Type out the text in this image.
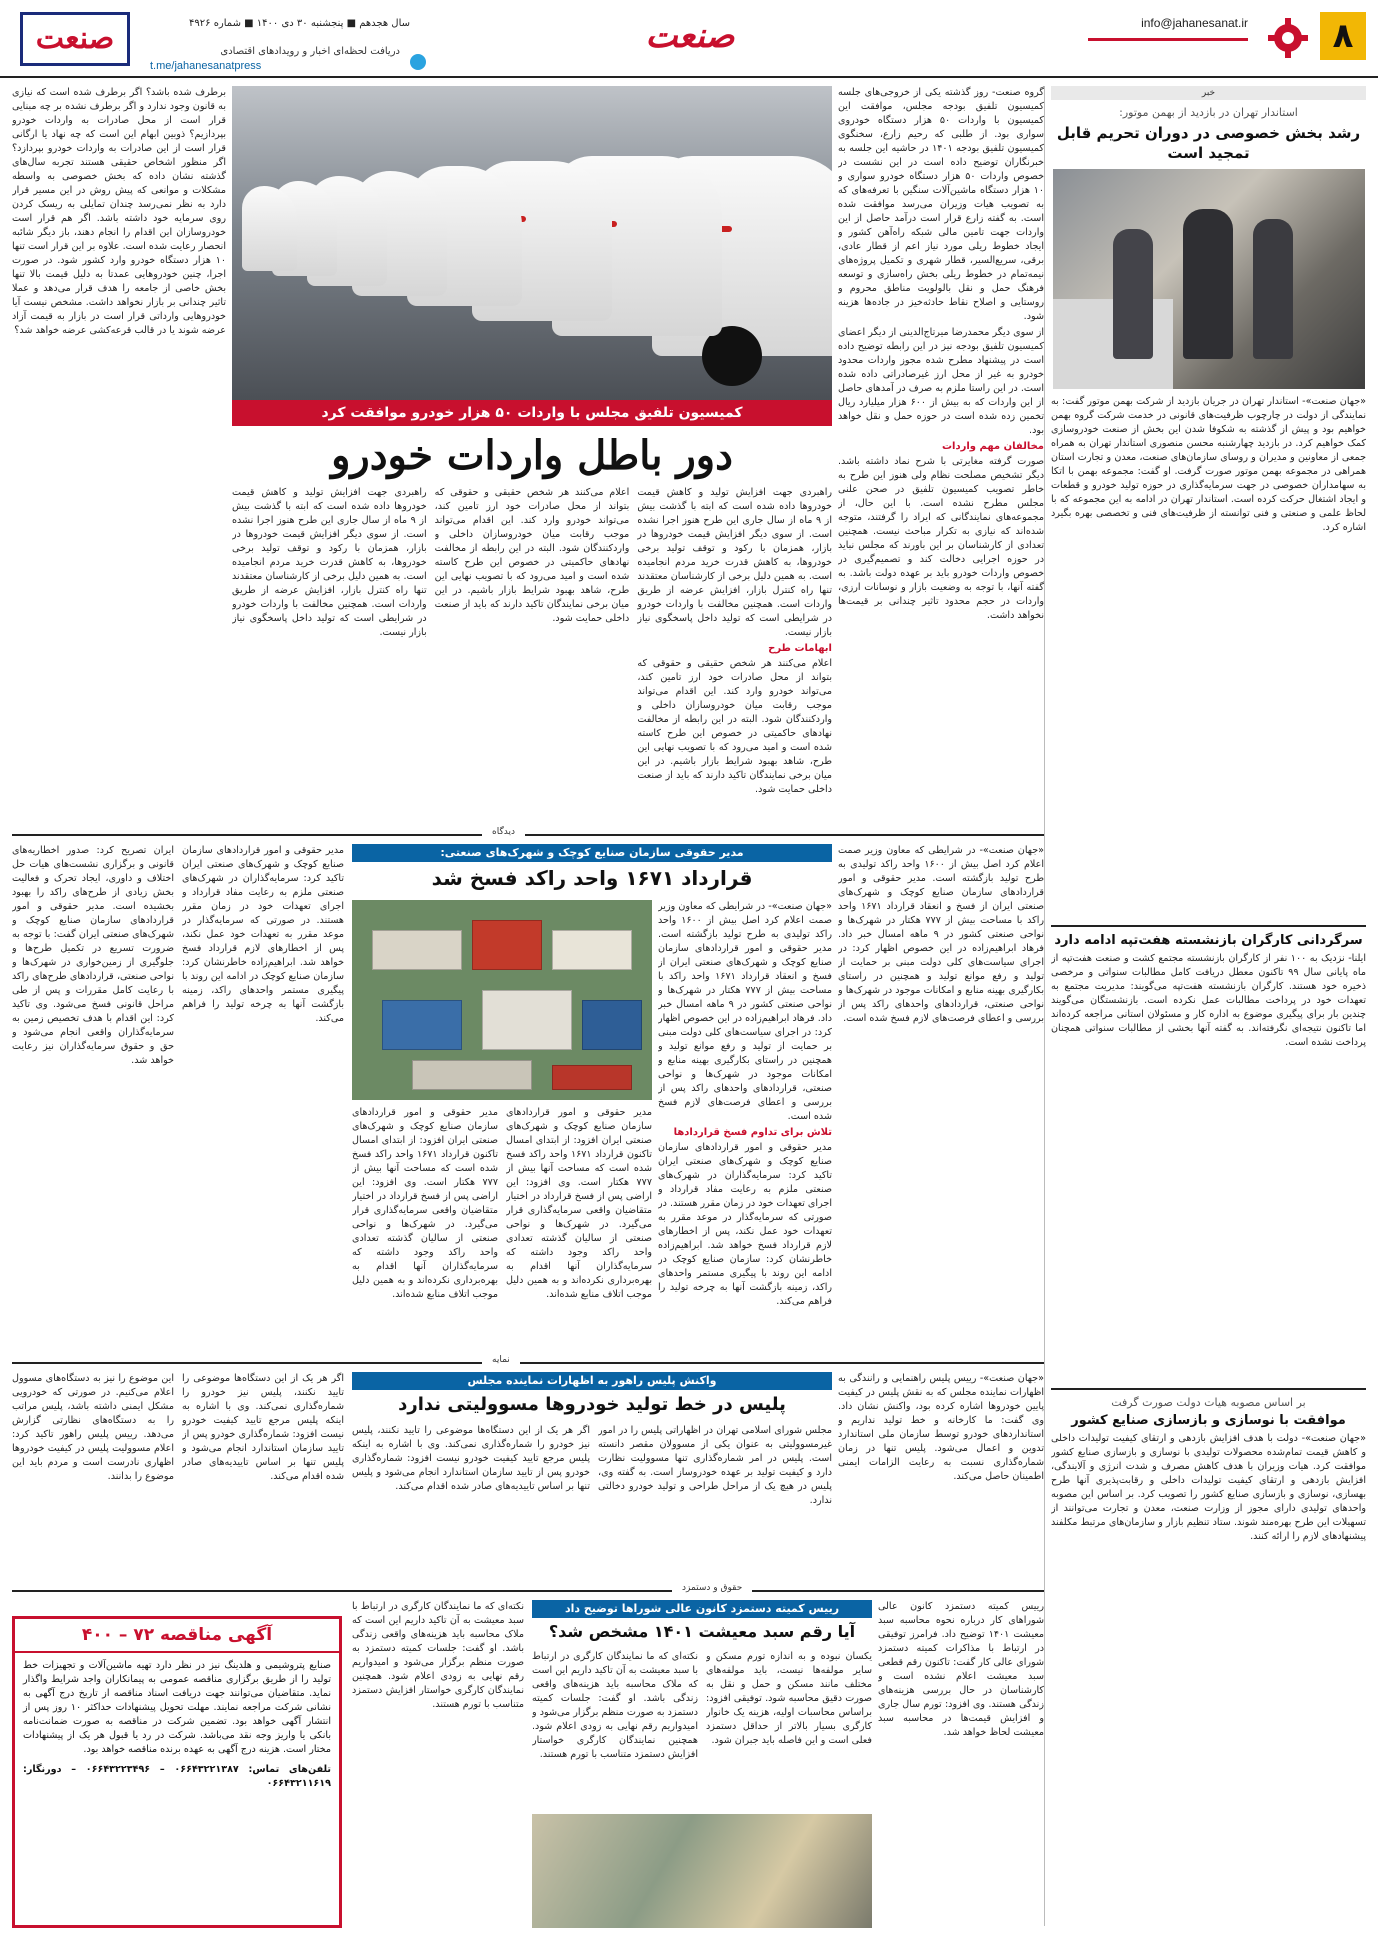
۸
info@jahanesanat.ir
صنعت
سال هجدهم ■ پنجشنبه ۳۰ دی ۱۴۰۰ ■ شماره ۴۹۲۶
دریافت لحظه‌ای اخبار و رویدادهای اقتصادی
t.me/jahanesanatpress
صنعت
خبر
استاندار تهران در بازدید از بهمن موتور:
رشد بخش خصوصی در دوران تحریم قابل تمجید است
«جهان صنعت»- استاندار تهران در جریان بازدید از شرکت بهمن موتور گفت: به نمایندگی از دولت در چارچوب ظرفیت‌های قانونی در خدمت شرکت گروه بهمن خواهیم بود و پیش از گذشته به شکوفا شدن این بخش از صنعت خودروسازی کمک خواهیم کرد. در بازدید چهارشنبه محسن منصوری استاندار تهران به همراه جمعی از معاونین و مدیران و روسای سازمان‌های صنعت، معدن و تجارت استان همراهی در مجموعه بهمن موتور صورت گرفت. او گفت: مجموعه بهمن با اتکا به سهامداران خصوصی در جهت سرمایه‌گذاری در حوزه تولید خودرو و قطعات و ایجاد اشتغال حرکت کرده است. استاندار تهران در ادامه به این مجموعه که با لحاظ علمی و صنعتی و فنی توانسته از ظرفیت‌های فنی و تخصصی بهره بگیرد اشاره کرد.
سرگردانی کارگران بازنشسته هفت‌تپه ادامه دارد
ایلنا- نزدیک به ۱۰۰ نفر از کارگران بازنشسته مجتمع کشت و صنعت هفت‌تپه از ماه پایانی سال ۹۹ تاکنون معطل دریافت کامل مطالبات سنواتی و مرخصی ذخیره خود هستند. کارگران بازنشسته هفت‌تپه می‌گویند: مدیریت مجتمع به تعهدات خود در پرداخت مطالبات عمل نکرده است. بازنشستگان می‌گویند چندین بار برای پیگیری موضوع به اداره کار و مسئولان استانی مراجعه کرده‌اند اما تاکنون نتیجه‌ای نگرفته‌اند. به گفته آنها بخشی از مطالبات سنواتی همچنان پرداخت نشده است.
بر اساس مصوبه هیات دولت صورت گرفت
موافقت با نوسازی و بازسازی صنایع کشور
«جهان صنعت»- دولت با هدف افزایش بازدهی و ارتقای کیفیت تولیدات داخلی و کاهش قیمت تمام‌شده محصولات تولیدی با نوسازی و بازسازی صنایع کشور موافقت کرد. هیات وزیران با هدف کاهش مصرف و شدت انرژی و آلایندگی، افزایش بازدهی و ارتقای کیفیت تولیدات داخلی و رقابت‌پذیری آنها طرح بهسازی، نوسازی و بازسازی صنایع کشور را تصویب کرد. بر اساس این مصوبه واحدهای تولیدی دارای مجوز از وزارت صنعت، معدن و تجارت می‌توانند از تسهیلات این طرح بهره‌مند شوند. ستاد تنظیم بازار و سازمان‌های مرتبط مکلفند پیشنهادهای لازم را ارائه کنند.

گروه صنعت- روز گذشته یکی از خروجی‌های جلسه کمیسیون تلفیق بودجه مجلس، موافقت این کمیسیون با واردات ۵۰ هزار دستگاه خودروی سواری بود. از طلبی که رحیم زارع، سخنگوی کمیسیون تلفیق بودجه ۱۴۰۱ در حاشیه این جلسه به خبرنگاران توضیح داده است در این نشست در خصوص واردات ۵۰ هزار دستگاه خودرو سواری و ۱۰ هزار دستگاه ماشین‌آلات سنگین با تعرفه‌های که به تصویب هیات وزیران می‌رسد موافقت شده است. به گفته زارع قرار است درآمد حاصل از این واردات جهت تامین مالی شبکه راه‌آهن کشور و ایجاد خطوط ریلی مورد نیاز اعم از قطار عادی، برقی، سریع‌السیر، قطار شهری و تکمیل پروژه‌های نیمه‌تمام در خطوط ریلی بخش راه‌سازی و توسعه فرهنگ حمل و نقل بالولویت مناطق محروم و روستایی و اصلاح نقاط حادثه‌خیز در جاده‌ها هزینه شود.

از سوی دیگر محمدرضا میرتاج‌الدینی از دیگر اعضای کمیسیون تلفیق بودجه نیز در این رابطه توضیح داده است در پیشنهاد مطرح شده مجوز واردات محدود خودرو به غیر از محل ارز غیرصادراتی داده شده است. در این راستا ملزم به صرف در آمدهای حاصل از این واردات که به بیش از ۶۰۰ هزار میلیارد ریال تخمین زده شده است در حوزه حمل و نقل خواهد بود.

مخالفان مهم واردات

صورت گرفته مغایرتی با شرح نماد داشته باشد. دیگر تشخیص مصلحت نظام ولی هنوز این طرح به خاطر تصویب کمیسیون تلفیق در صحن علنی مجلس مطرح نشده است. با این حال، از مجموعه‌های نمایندگانی که ایراد را گرفتند، متوجه شده‌اند که نیازی به تکرار مباحث نیست. همچنین تعدادی از کارشناسان بر این باورند که مجلس نباید در حوزه اجرایی دخالت کند و تصمیم‌گیری در خصوص واردات خودرو باید بر عهده دولت باشد. به گفته آنها، با توجه به وضعیت بازار و نوسانات ارزی، واردات در حجم محدود تاثیر چندانی بر قیمت‌ها نخواهد داشت.

کمیسیون تلفیق مجلس با واردات ۵۰ هزار خودرو موافقت کرد
دور باطل واردات خودرو

راهبردی جهت افزایش تولید و کاهش قیمت خودروها داده شده است که ابته با گذشت بیش از ۹ ماه از سال جاری این طرح هنوز اجرا نشده است. از سوی دیگر افزایش قیمت خودروها در بازار، همزمان با رکود و توقف تولید برخی خودروها، به کاهش قدرت خرید مردم انجامیده است. به همین دلیل برخی از کارشناسان معتقدند تنها راه کنترل بازار، افزایش عرضه از طریق واردات است. همچنین مخالفت با واردات خودرو در شرایطی است که تولید داخل پاسخگوی نیاز بازار نیست.

ابهامات طرح

اعلام می‌کنند هر شخص حقیقی و حقوقی که بتواند از محل صادرات خود ارز تامین کند، می‌تواند خودرو وارد کند. این اقدام می‌تواند موجب رقابت میان خودروسازان داخلی و واردکنندگان شود. البته در این رابطه از مخالفت نهادهای حاکمیتی در خصوص این طرح کاسته شده است و امید می‌رود که با تصویب نهایی این طرح، شاهد بهبود شرایط بازار باشیم. در این میان برخی نمایندگان تاکید دارند که باید از صنعت داخلی حمایت شود.

اعلام می‌کنند هر شخص حقیقی و حقوقی که بتواند از محل صادرات خود ارز تامین کند، می‌تواند خودرو وارد کند. این اقدام می‌تواند موجب رقابت میان خودروسازان داخلی و واردکنندگان شود. البته در این رابطه از مخالفت نهادهای حاکمیتی در خصوص این طرح کاسته شده است و امید می‌رود که با تصویب نهایی این طرح، شاهد بهبود شرایط بازار باشیم. در این میان برخی نمایندگان تاکید دارند که باید از صنعت داخلی حمایت شود.

راهبردی جهت افزایش تولید و کاهش قیمت خودروها داده شده است که ابته با گذشت بیش از ۹ ماه از سال جاری این طرح هنوز اجرا نشده است. از سوی دیگر افزایش قیمت خودروها در بازار، همزمان با رکود و توقف تولید برخی خودروها، به کاهش قدرت خرید مردم انجامیده است. به همین دلیل برخی از کارشناسان معتقدند تنها راه کنترل بازار، افزایش عرضه از طریق واردات است. همچنین مخالفت با واردات خودرو در شرایطی است که تولید داخل پاسخگوی نیاز بازار نیست.

برطرف شده باشد؟ اگر برطرف شده است که نیازی به قانون وجود ندارد و اگر برطرف نشده بر چه مبنایی قرار است از محل صادرات به واردات خودرو بپردازیم؟ ذوبین ابهام این است که چه نهاد یا ارگانی قرار است از این صادرات به واردات خودرو بپردازد؟ اگر منظور اشخاص حقیقی هستند تجربه سال‌های گذشته نشان داده که بخش خصوصی به واسطه مشکلات و موانعی که پیش روش در این مسیر قرار دارد به نظر نمی‌رسد چندان تمایلی به ریسک کردن روی سرمایه خود داشته باشد. اگر هم قرار است خودروسازان این اقدام را انجام دهند، باز دیگر شائبه انحصار رعایت شده است. علاوه بر این قرار است تنها ۱۰ هزار دستگاه خودرو وارد کشور شود. در صورت اجرا، چنین خودروهایی عمدتا به دلیل قیمت بالا تنها بخش خاصی از جامعه را هدف قرار می‌دهد و عملا تاثیر چندانی بر بازار نخواهد داشت. مشخص نیست آیا خودروهایی وارداتی قرار است در بازار به قیمت آزاد عرضه شوند یا در قالب قرعه‌کشی عرضه خواهد شد؟
دیدگاه
مدیر حقوقی سازمان صنایع کوچک و شهرک‌های صنعتی:
قرارداد ۱۶۷۱ واحد راکد فسخ شد

«جهان صنعت»- در شرایطی که معاون وزیر صمت اعلام کرد اصل بیش از ۱۶۰۰ واحد راکد تولیدی به طرح تولید بازگشته است. مدیر حقوقی و امور قراردادهای سازمان صنایع کوچک و شهرک‌های صنعتی ایران از فسخ و انعقاد قرارداد ۱۶۷۱ واحد راکد با مساحت بیش از ۷۷۷ هکتار در شهرک‌ها و نواحی صنعتی کشور در ۹ ماهه امسال خبر داد. فرهاد ابراهیم‌زاده در این خصوص اظهار کرد: در اجرای سیاست‌های کلی دولت مبنی بر حمایت از تولید و رفع موانع تولید و همچنین در راستای بکارگیری بهینه منابع و امکانات موجود در شهرک‌ها و نواحی صنعتی، قراردادهای واحدهای راکد پس از بررسی و اعطای فرصت‌های لازم فسخ شده است.

تلاش برای تداوم فسخ قراردادها

مدیر حقوقی و امور قراردادهای سازمان صنایع کوچک و شهرک‌های صنعتی ایران تاکید کرد: سرمایه‌گذاران در شهرک‌های صنعتی ملزم به رعایت مفاد قرارداد و اجرای تعهدات خود در زمان مقرر هستند. در صورتی که سرمایه‌گذار در موعد مقرر به تعهدات خود عمل نکند، پس از اخطارهای لازم قرارداد فسخ خواهد شد. ابراهیم‌زاده خاطرنشان کرد: سازمان صنایع کوچک در ادامه این روند با پیگیری مستمر واحدهای راکد، زمینه بازگشت آنها به چرخه تولید را فراهم می‌کند.

«جهان صنعت»- در شرایطی که معاون وزیر صمت اعلام کرد اصل بیش از ۱۶۰۰ واحد راکد تولیدی به طرح تولید بازگشته است. مدیر حقوقی و امور قراردادهای سازمان صنایع کوچک و شهرک‌های صنعتی ایران از فسخ و انعقاد قرارداد ۱۶۷۱ واحد راکد با مساحت بیش از ۷۷۷ هکتار در شهرک‌ها و نواحی صنعتی کشور در ۹ ماهه امسال خبر داد. فرهاد ابراهیم‌زاده در این خصوص اظهار کرد: در اجرای سیاست‌های کلی دولت مبنی بر حمایت از تولید و رفع موانع تولید و همچنین در راستای بکارگیری بهینه منابع و امکانات موجود در شهرک‌ها و نواحی صنعتی، قراردادهای واحدهای راکد پس از بررسی و اعطای فرصت‌های لازم فسخ شده است.
مدیر حقوقی و امور قراردادهای سازمان صنایع کوچک و شهرک‌های صنعتی ایران افزود: از ابتدای امسال تاکنون قرارداد ۱۶۷۱ واحد راکد فسخ شده است که مساحت آنها بیش از ۷۷۷ هکتار است. وی افزود: این اراضی پس از فسخ قرارداد در اختیار متقاضیان واقعی سرمایه‌گذاری قرار می‌گیرد. در شهرک‌ها و نواحی صنعتی از سالیان گذشته تعدادی واحد راکد وجود داشته که سرمایه‌گذاران آنها اقدام به بهره‌برداری نکرده‌اند و به همین دلیل موجب اتلاف منابع شده‌اند.
مدیر حقوقی و امور قراردادهای سازمان صنایع کوچک و شهرک‌های صنعتی ایران افزود: از ابتدای امسال تاکنون قرارداد ۱۶۷۱ واحد راکد فسخ شده است که مساحت آنها بیش از ۷۷۷ هکتار است. وی افزود: این اراضی پس از فسخ قرارداد در اختیار متقاضیان واقعی سرمایه‌گذاری قرار می‌گیرد. در شهرک‌ها و نواحی صنعتی از سالیان گذشته تعدادی واحد راکد وجود داشته که سرمایه‌گذاران آنها اقدام به بهره‌برداری نکرده‌اند و به همین دلیل موجب اتلاف منابع شده‌اند.
مدیر حقوقی و امور قراردادهای سازمان صنایع کوچک و شهرک‌های صنعتی ایران تاکید کرد: سرمایه‌گذاران در شهرک‌های صنعتی ملزم به رعایت مفاد قرارداد و اجرای تعهدات خود در زمان مقرر هستند. در صورتی که سرمایه‌گذار در موعد مقرر به تعهدات خود عمل نکند، پس از اخطارهای لازم قرارداد فسخ خواهد شد. ابراهیم‌زاده خاطرنشان کرد: سازمان صنایع کوچک در ادامه این روند با پیگیری مستمر واحدهای راکد، زمینه بازگشت آنها به چرخه تولید را فراهم می‌کند.
ایران تصریح کرد: صدور اخطاریه‌های قانونی و برگزاری نشست‌های هیات حل اختلاف و داوری، ایجاد تحرک و فعالیت بخش زیادی از طرح‌های راکد را بهبود بخشیده است. مدیر حقوقی و امور قراردادهای سازمان صنایع کوچک و شهرک‌های صنعتی ایران گفت: با توجه به ضرورت تسریع در تکمیل طرح‌ها و جلوگیری از زمین‌خواری در شهرک‌ها و نواحی صنعتی، قراردادهای طرح‌های راکد با رعایت کامل مقررات و پس از طی مراحل قانونی فسخ می‌شود. وی تاکید کرد: این اقدام با هدف تخصیص زمین به سرمایه‌گذاران واقعی انجام می‌شود و حق و حقوق سرمایه‌گذاران نیز رعایت خواهد شد.
نمایه
واکنش پلیس راهور به اظهارات نماینده مجلس
پلیس در خط تولید خودروها مسوولیتی ندارد
«جهان صنعت»- رییس پلیس راهنمایی و رانندگی به اظهارات نماینده مجلس که به نقش پلیس در کیفیت پایین خودروها اشاره کرده بود، واکنش نشان داد. وی گفت: ما کارخانه و خط تولید نداریم و استانداردهای خودرو توسط سازمان ملی استاندارد تدوین و اعمال می‌شود. پلیس تنها در زمان شماره‌گذاری نسبت به رعایت الزامات ایمنی اطمینان حاصل می‌کند.
مجلس شورای اسلامی تهران در اظهاراتی پلیس را در امور غیرمسوولیتی به عنوان یکی از مسوولان مقصر دانسته است. پلیس در امر شماره‌گذاری تنها مسوولیت نظارت دارد و کیفیت تولید بر عهده خودروساز است. به گفته وی، پلیس در هیچ یک از مراحل طراحی و تولید خودرو دخالتی ندارد.
اگر هر یک از این دستگاه‌ها موضوعی را تایید نکنند، پلیس نیز خودرو را شماره‌گذاری نمی‌کند. وی با اشاره به اینکه پلیس مرجع تایید کیفیت خودرو نیست افزود: شماره‌گذاری خودرو پس از تایید سازمان استاندارد انجام می‌شود و پلیس تنها بر اساس تاییدیه‌های صادر شده اقدام می‌کند.
اگر هر یک از این دستگاه‌ها موضوعی را تایید نکنند، پلیس نیز خودرو را شماره‌گذاری نمی‌کند. وی با اشاره به اینکه پلیس مرجع تایید کیفیت خودرو نیست افزود: شماره‌گذاری خودرو پس از تایید سازمان استاندارد انجام می‌شود و پلیس تنها بر اساس تاییدیه‌های صادر شده اقدام می‌کند.
این موضوع را نیز به دستگاه‌های مسوول اعلام می‌کنیم. در صورتی که خودرویی مشکل ایمنی داشته باشد، پلیس مراتب را به دستگاه‌های نظارتی گزارش می‌دهد. رییس پلیس راهور تاکید کرد: اعلام مسوولیت پلیس در کیفیت خودروها اظهاری نادرست است و مردم باید این موضوع را بدانند.
حقوق و دستمزد
رییس کمیته دستمزد کانون عالی شوراها توضیح داد
آیا رقم سبد معیشت ۱۴۰۱ مشخص شد؟
رییس کمیته دستمزد کانون عالی شوراهای کار درباره نحوه محاسبه سبد معیشت ۱۴۰۱ توضیح داد. فرامرز توفیقی در ارتباط با مذاکرات کمیته دستمزد شورای عالی کار گفت: تاکنون رقم قطعی سبد معیشت اعلام نشده است و کارشناسان در حال بررسی هزینه‌های زندگی هستند. وی افزود: تورم سال جاری و افزایش قیمت‌ها در محاسبه سبد معیشت لحاظ خواهد شد.
یکسان نبوده و به اندازه تورم مسکن و سایر مولفه‌ها نیست، باید مولفه‌های مختلف مانند مسکن و حمل و نقل به صورت دقیق محاسبه شود. توفیقی افزود: براساس محاسبات اولیه، هزینه یک خانوار کارگری بسیار بالاتر از حداقل دستمزد فعلی است و این فاصله باید جبران شود.
نکته‌ای که ما نمایندگان کارگری در ارتباط با سبد معیشت به آن تاکید داریم این است که ملاک محاسبه باید هزینه‌های واقعی زندگی باشد. او گفت: جلسات کمیته دستمزد به صورت منظم برگزار می‌شود و امیدواریم رقم نهایی به زودی اعلام شود. همچنین نمایندگان کارگری خواستار افزایش دستمزد متناسب با تورم هستند.
نکته‌ای که ما نمایندگان کارگری در ارتباط با سبد معیشت به آن تاکید داریم این است که ملاک محاسبه باید هزینه‌های واقعی زندگی باشد. او گفت: جلسات کمیته دستمزد به صورت منظم برگزار می‌شود و امیدواریم رقم نهایی به زودی اعلام شود. همچنین نمایندگان کارگری خواستار افزایش دستمزد متناسب با تورم هستند.
آگهی مناقصه ۷۲ – ۴۰۰

صنایع پتروشیمی و هلدینگ نیز در نظر دارد تهیه ماشین‌آلات و تجهیزات خط تولید را از طریق برگزاری مناقصه عمومی به پیمانکاران واجد شرایط واگذار نماید. متقاضیان می‌توانند جهت دریافت اسناد مناقصه از تاریخ درج آگهی به نشانی شرکت مراجعه نمایند. مهلت تحویل پیشنهادات حداکثر ۱۰ روز پس از انتشار آگهی خواهد بود. تضمین شرکت در مناقصه به صورت ضمانت‌نامه بانکی یا واریز وجه نقد می‌باشد. شرکت در رد یا قبول هر یک از پیشنهادات مختار است. هزینه درج آگهی به عهده برنده مناقصه خواهد بود.

تلفن‌های تماس: ۰۶۶۴۳۲۲۱۳۸۷ – ۰۶۶۴۳۲۲۳۴۹۶ – دورنگار: ۰۶۶۴۳۲۱۱۶۱۹
